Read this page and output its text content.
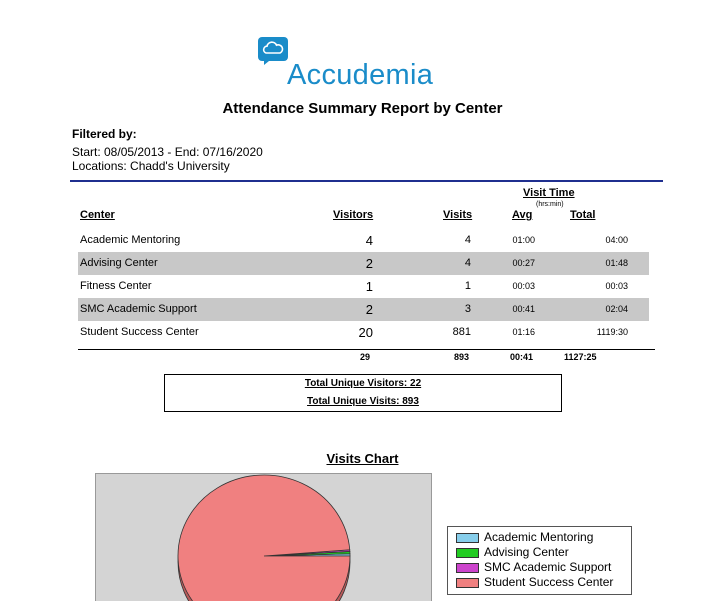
Accudemia
Attendance Summary Report by Center
Filtered by:
Start: 08/05/2013 - End: 07/16/2020
Locations: Chadd's University
Visit Time
(hrs:min)
Center	Visitors	Visits	Avg	Total
Academic Mentoring	4	4	01:00	04:00
Advising Center	2	4	00:27	01:48
Fitness Center	1	1	00:03	00:03
SMC Academic Support	2	3	00:41	02:04
Student Success Center	20	881	01:16	1119:30
29	893	00:41	1127:25
Total Unique Visitors: 22
Total Unique Visits: 893
Visits Chart
Academic Mentoring
Advising Center
SMC Academic Support
Student Success Center
